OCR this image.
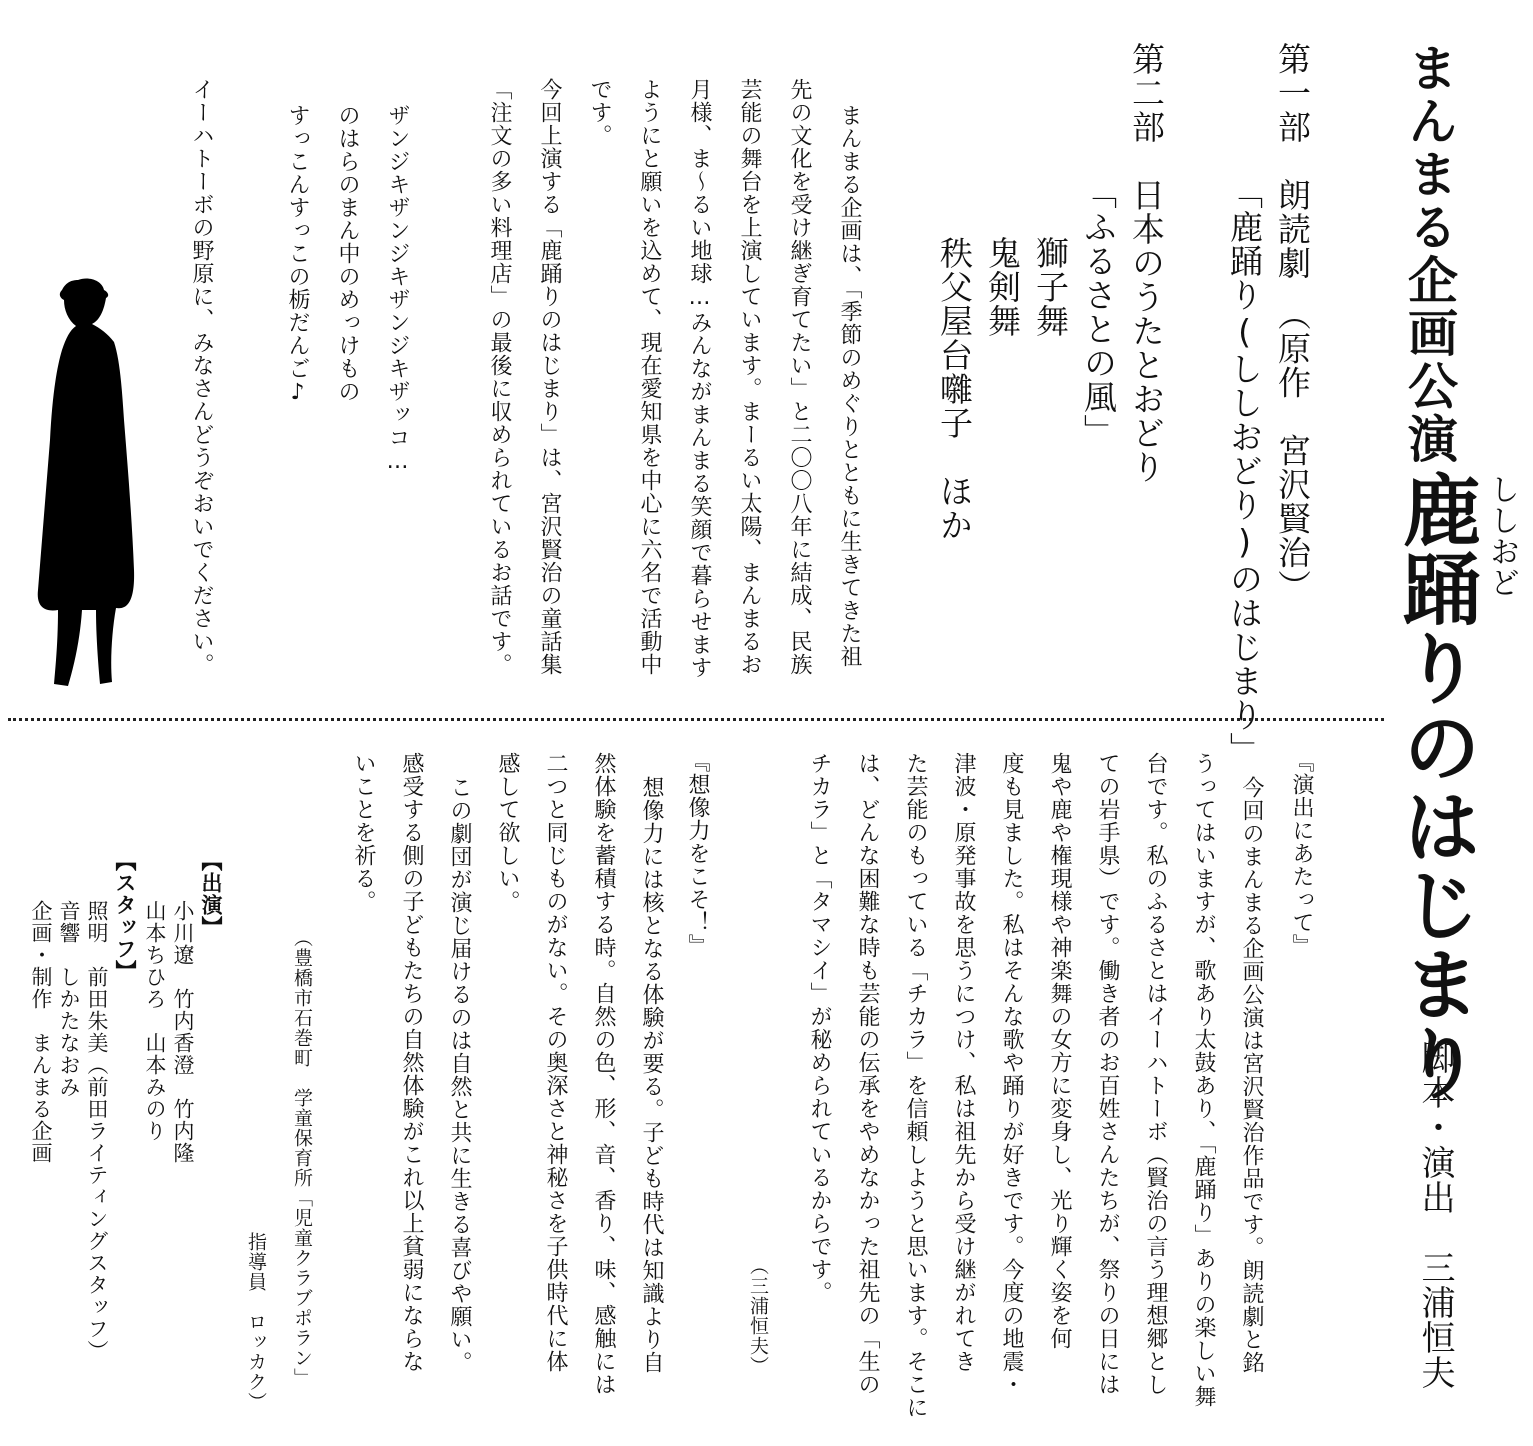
まんまる企画公演
ししおど
鹿踊りのはじまり
脚本・演出　三浦恒夫
第一部　朗読劇　（原作　宮沢賢治）
「鹿踊り(ししおどり)のはじまり」
第二部　日本のうたとおどり
「ふるさとの風」
獅子舞
鬼剣舞
秩父屋台囃子　ほか
まんまる企画は、「季節のめぐりとともに生きてきた祖
先の文化を受け継ぎ育てたい」と二〇〇八年に結成、民族
芸能の舞台を上演しています。まーるい太陽、まんまるお
月様、ま〜るい地球…みんながまんまる笑顔で暮らせます
ようにと願いを込めて、現在愛知県を中心に六名で活動中
です。
今回上演する「鹿踊りのはじまり」は、宮沢賢治の童話集
「注文の多い料理店」の最後に収められているお話です。
ザンジキザンジキザンジキザッコ…
のはらのまん中のめっけもの
すっこんすっこの栃だんご♪
イーハトーボの野原に、みなさんどうぞおいでください。
『演出にあたって』
今回のまんまる企画公演は宮沢賢治作品です。朗読劇と銘
うってはいますが、歌あり太鼓あり、「鹿踊り」ありの楽しい舞
台です。私のふるさとはイーハトーボ（賢治の言う理想郷とし
ての岩手県）です。働き者のお百姓さんたちが、祭りの日には
鬼や鹿や権現様や神楽舞の女方に変身し、光り輝く姿を何
度も見ました。私はそんな歌や踊りが好きです。今度の地震・
津波・原発事故を思うにつけ、私は祖先から受け継がれてき
た芸能のもっている「チカラ」を信頼しようと思います。そこに
は、どんな困難な時も芸能の伝承をやめなかった祖先の「生の
チカラ」と「タマシイ」が秘められているからです。
（三浦恒夫）
『想像力をこそ！』
想像力には核となる体験が要る。子ども時代は知識より自
然体験を蓄積する時。自然の色、形、音、香り、味、感触には
二つと同じものがない。その奥深さと神秘さを子供時代に体
感して欲しい。
この劇団が演じ届けるのは自然と共に生きる喜びや願い。
感受する側の子どもたちの自然体験がこれ以上貧弱にならな
いことを祈る。
（豊橋市石巻町　学童保育所「児童クラブポラン」
指導員　ロッカク）
【出演】
小川遼　竹内香澄　竹内隆
山本ちひろ　山本みのり
【スタッフ】
照明　前田朱美（前田ライティングスタッフ）
音響　しかたなおみ
企画・制作　まんまる企画
